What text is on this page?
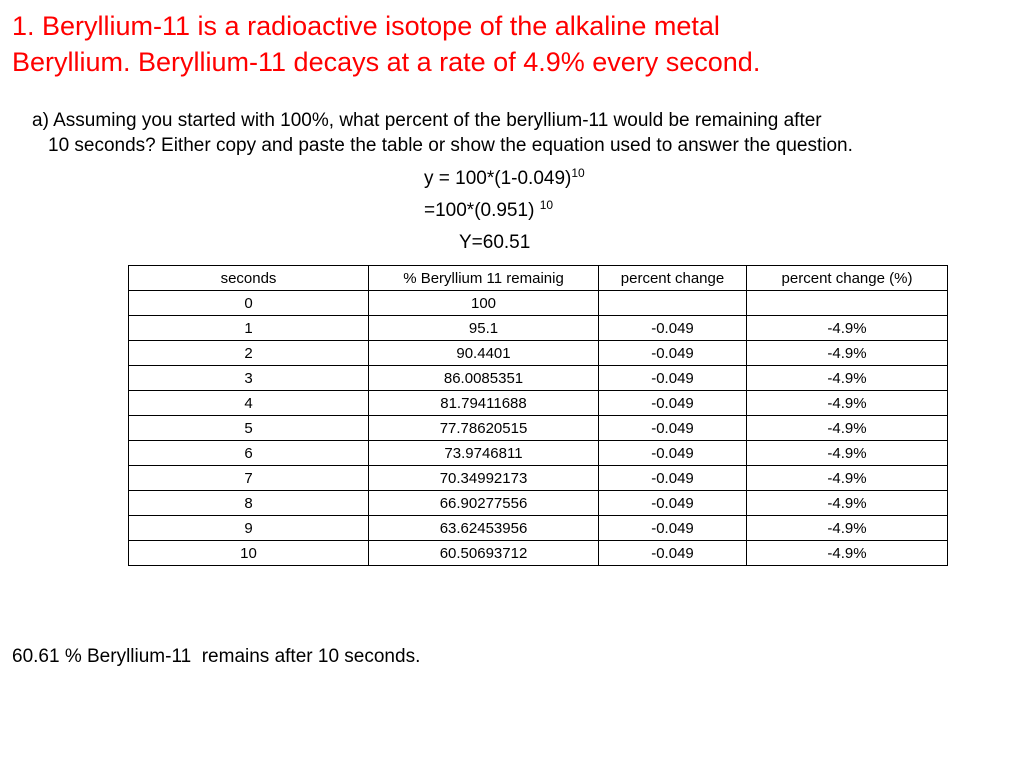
1. Beryllium-11 is a radioactive isotope of the alkaline metal
Beryllium. Beryllium-11 decays at a rate of 4.9% every second.

a) Assuming you started with 100%, what percent of the beryllium-11 would be remaining after
10 seconds? Either copy and paste the table or show the equation used to answer the question.

$y = 100*(1-0.049)^{10}$
=100*(0.951) $^{10}$
Y=60.51
seconds	% Beryllium 11 remainig	percent change	percent change (%)
0	100		
1	95.1	-0.049	-4.9%
2	90.4401	-0.049	-4.9%
3	86.0085351	-0.049	-4.9%
4	81.79411688	-0.049	-4.9%
5	77.78620515	-0.049	-4.9%
6	73.9746811	-0.049	-4.9%
7	70.34992173	-0.049	-4.9%
8	66.90277556	-0.049	-4.9%
9	63.62453956	-0.049	-4.9%
10	60.50693712	-0.049	-4.9%
60.61 % Beryllium-11  remains after 10 seconds.
